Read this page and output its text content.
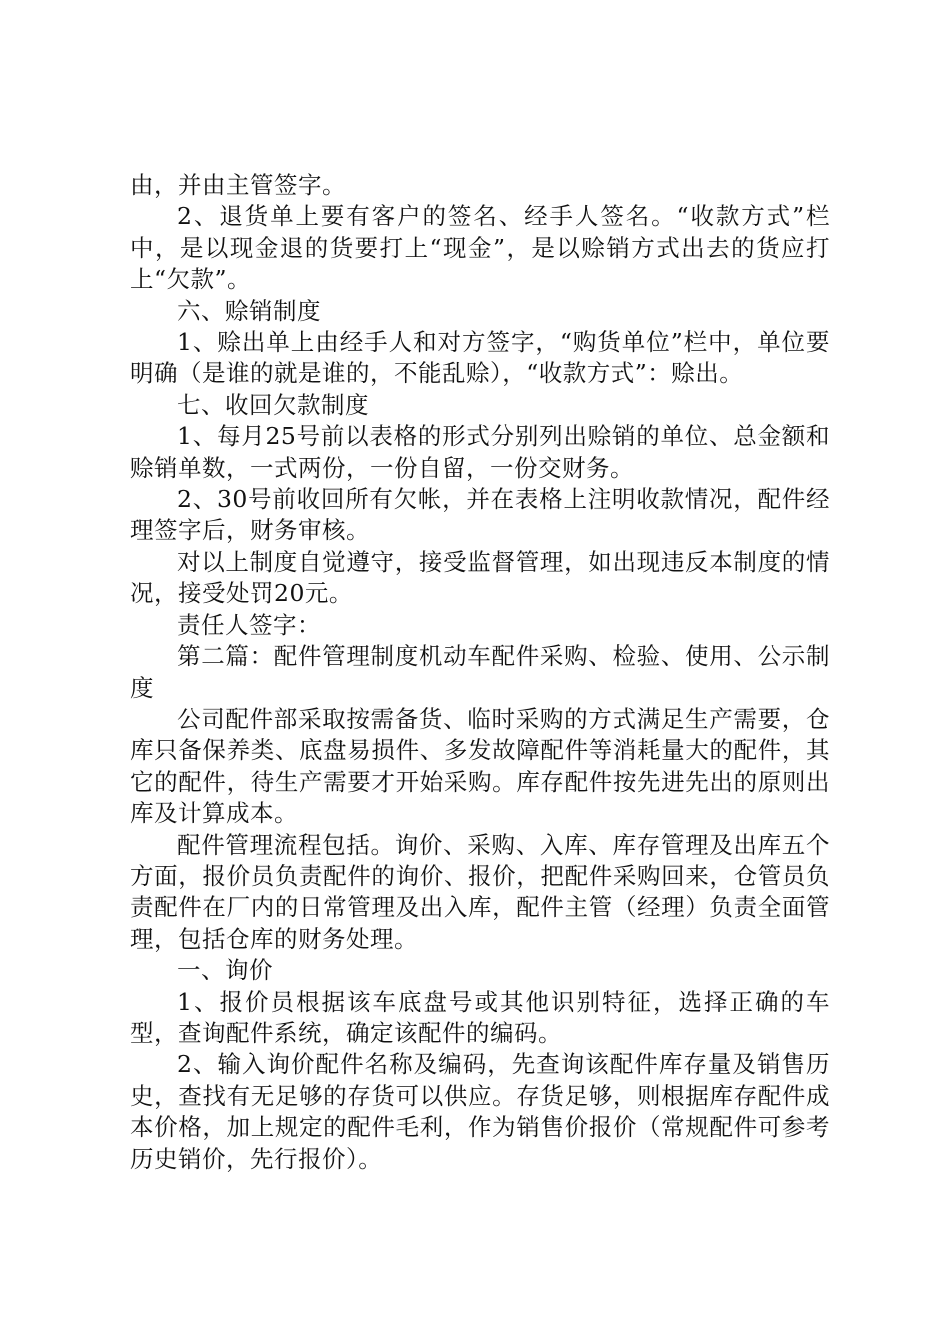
由，并由主管签字。

2、退货单上要有客户的签名、经手人签名。“收款方式”栏中，是以现金退的货要打上“现金”，是以赊销方式出去的货应打上“欠款”。

六、赊销制度

1、赊出单上由经手人和对方签字，“购货单位”栏中，单位要明确（是谁的就是谁的，不能乱赊），“收款方式”：赊出。

七、收回欠款制度

1、每月25号前以表格的形式分别列出赊销的单位、总金额和赊销单数，一式两份，一份自留，一份交财务。

2、30号前收回所有欠帐，并在表格上注明收款情况，配件经理签字后，财务审核。

对以上制度自觉遵守，接受监督管理，如出现违反本制度的情况，接受处罚20元。

责任人签字：

第二篇：配件管理制度机动车配件采购、检验、使用、公示制度

公司配件部采取按需备货、临时采购的方式满足生产需要，仓库只备保养类、底盘易损件、多发故障配件等消耗量大的配件，其它的配件，待生产需要才开始采购。库存配件按先进先出的原则出库及计算成本。

配件管理流程包括。询价、采购、入库、库存管理及出库五个方面，报价员负责配件的询价、报价，把配件采购回来，仓管员负责配件在厂内的日常管理及出入库，配件主管（经理）负责全面管理，包括仓库的财务处理。

一、询价

1、报价员根据该车底盘号或其他识别特征，选择正确的车型，查询配件系统，确定该配件的编码。

2、输入询价配件名称及编码，先查询该配件库存量及销售历史，查找有无足够的存货可以供应。存货足够，则根据库存配件成本价格，加上规定的配件毛利，作为销售价报价（常规配件可参考历史销价，先行报价）。
